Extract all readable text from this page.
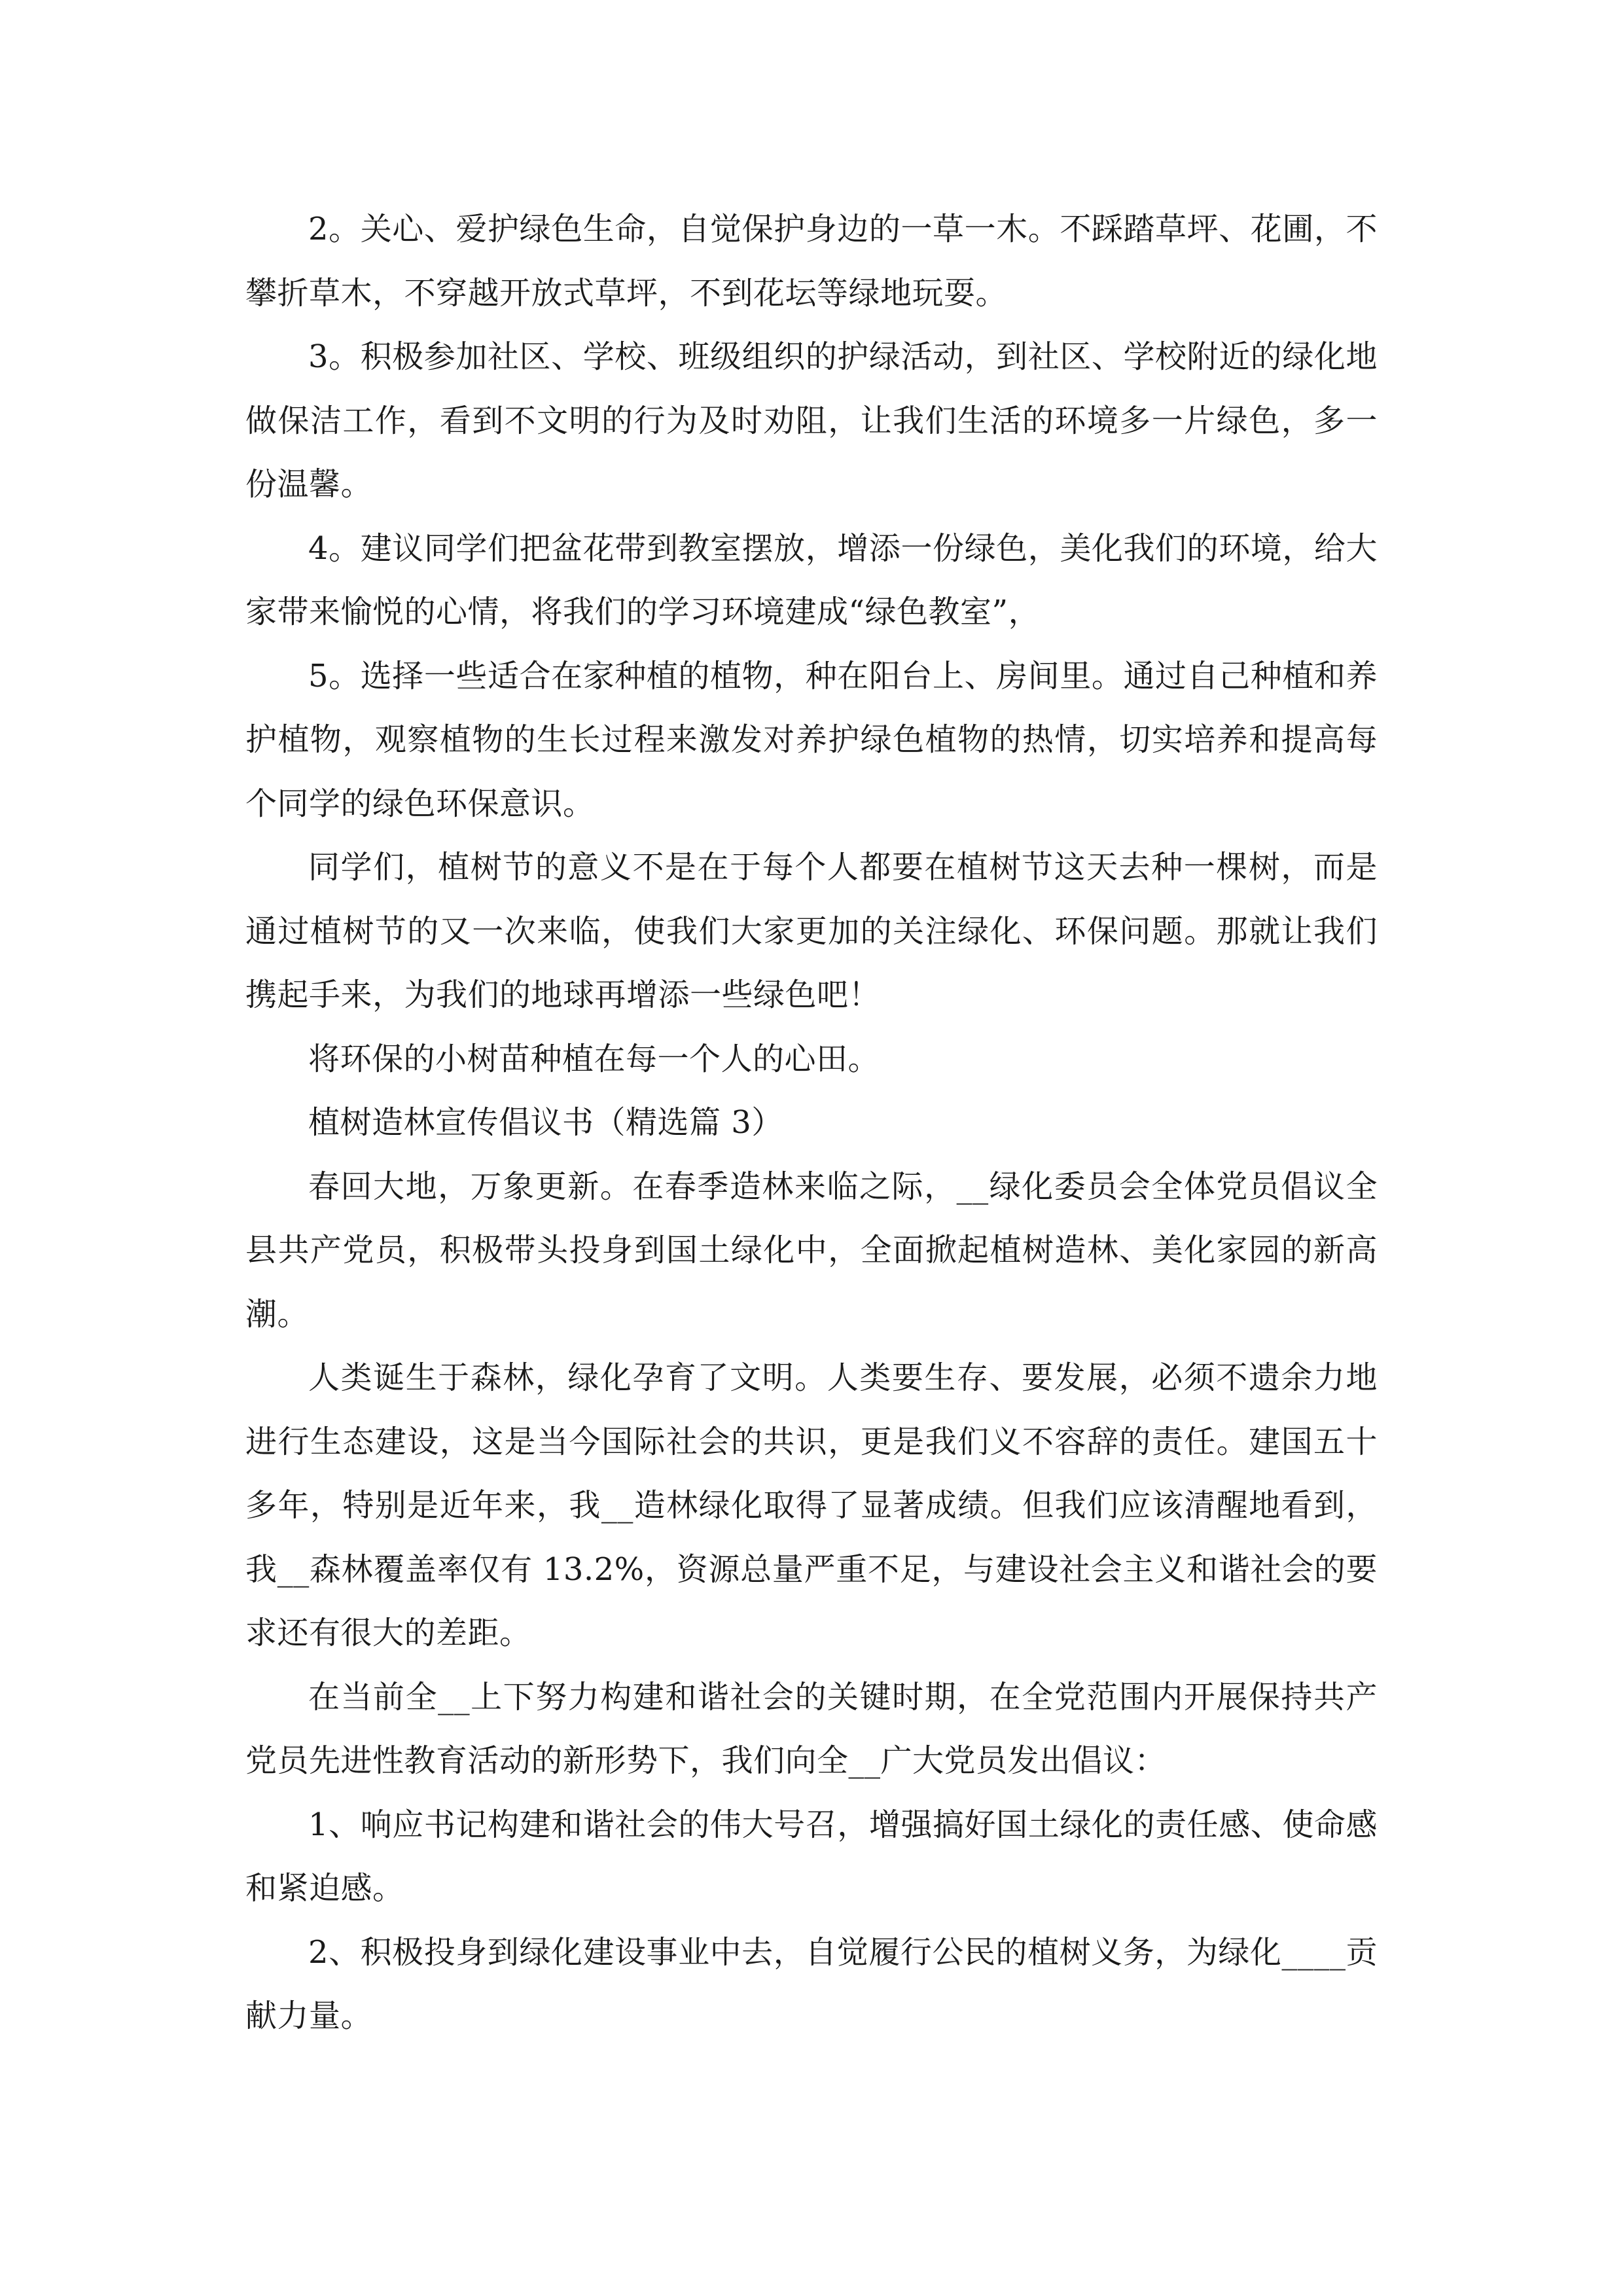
2。关心、爱护绿色生命，自觉保护身边的一草一木。不踩踏草坪、花圃，不攀折草木，不穿越开放式草坪，不到花坛等绿地玩耍。

3。积极参加社区、学校、班级组织的护绿活动，到社区、学校附近的绿化地做保洁工作，看到不文明的行为及时劝阻，让我们生活的环境多一片绿色，多一份温馨。

4。建议同学们把盆花带到教室摆放，增添一份绿色，美化我们的环境，给大家带来愉悦的心情，将我们的学习环境建成“绿色教室”，

5。选择一些适合在家种植的植物，种在阳台上、房间里。通过自己种植和养护植物，观察植物的生长过程来激发对养护绿色植物的热情，切实培养和提高每个同学的绿色环保意识。

同学们，植树节的意义不是在于每个人都要在植树节这天去种一棵树，而是通过植树节的又一次来临，使我们大家更加的关注绿化、环保问题。那就让我们携起手来，为我们的地球再增添一些绿色吧！

将环保的小树苗种植在每一个人的心田。

植树造林宣传倡议书（精选篇 3）

春回大地，万象更新。在春季造林来临之际，__绿化委员会全体党员倡议全县共产党员，积极带头投身到国土绿化中，全面掀起植树造林、美化家园的新高潮。

人类诞生于森林，绿化孕育了文明。人类要生存、要发展，必须不遗余力地进行生态建设，这是当今国际社会的共识，更是我们义不容辞的责任。建国五十多年，特别是近年来，我__造林绿化取得了显著成绩。但我们应该清醒地看到，我__森林覆盖率仅有 13.2%，资源总量严重不足，与建设社会主义和谐社会的要求还有很大的差距。

在当前全__上下努力构建和谐社会的关键时期，在全党范围内开展保持共产党员先进性教育活动的新形势下，我们向全__广大党员发出倡议：

1、响应书记构建和谐社会的伟大号召，增强搞好国土绿化的责任感、使命感和紧迫感。

2、积极投身到绿化建设事业中去，自觉履行公民的植树义务，为绿化____贡献力量。
